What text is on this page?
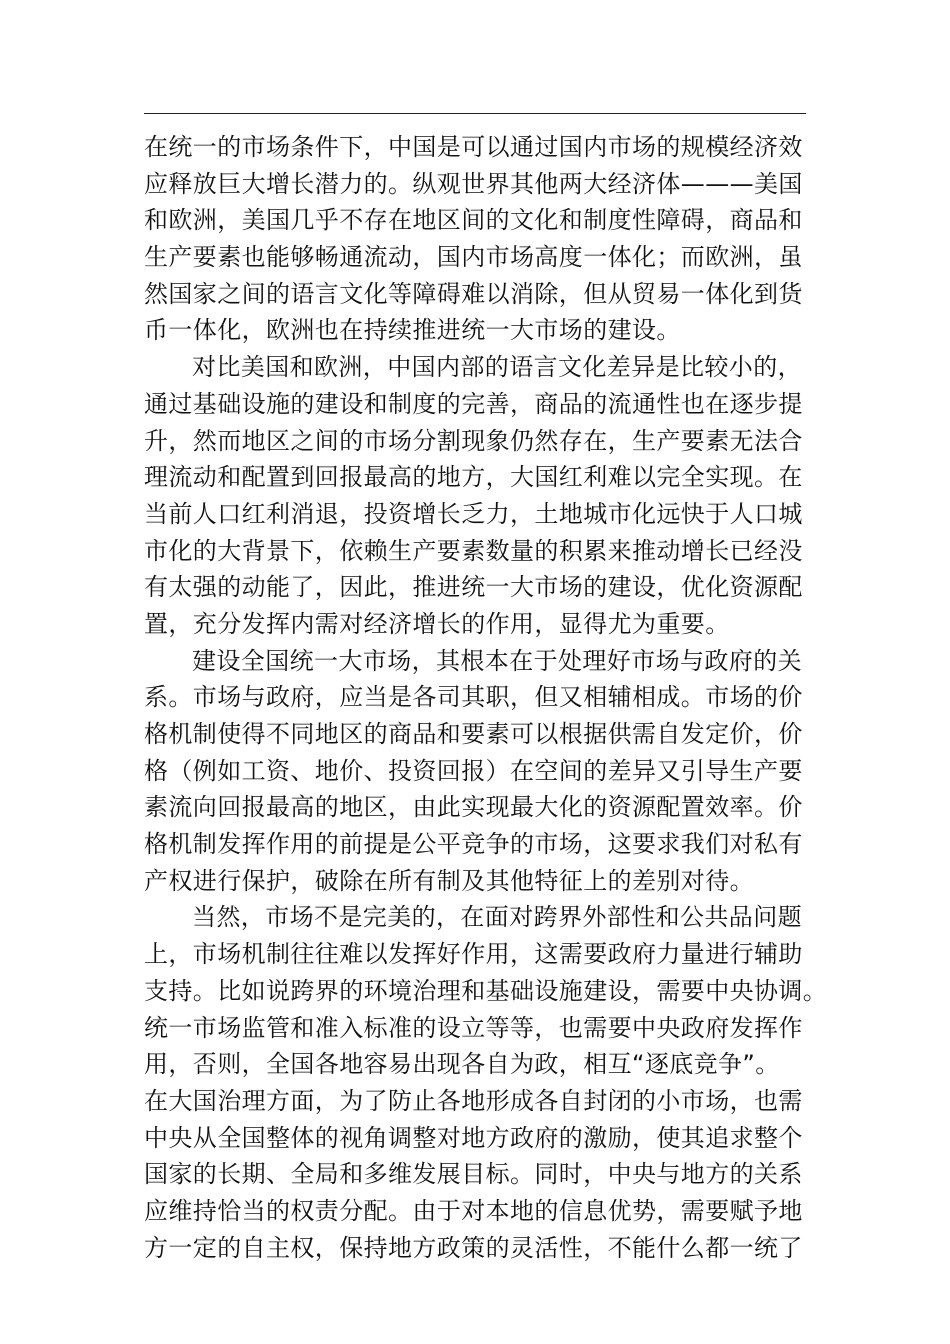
在统一的市场条件下，中国是可以通过国内市场的规模经济效
应释放巨大增长潜力的。纵观世界其他两大经济体———美国
和欧洲，美国几乎不存在地区间的文化和制度性障碍，商品和
生产要素也能够畅通流动，国内市场高度一体化；而欧洲，虽
然国家之间的语言文化等障碍难以消除，但从贸易一体化到货
币一体化，欧洲也在持续推进统一大市场的建设。
对比美国和欧洲，中国内部的语言文化差异是比较小的，
通过基础设施的建设和制度的完善，商品的流通性也在逐步提
升，然而地区之间的市场分割现象仍然存在，生产要素无法合
理流动和配置到回报最高的地方，大国红利难以完全实现。在
当前人口红利消退，投资增长乏力，土地城市化远快于人口城
市化的大背景下，依赖生产要素数量的积累来推动增长已经没
有太强的动能了，因此，推进统一大市场的建设，优化资源配
置，充分发挥内需对经济增长的作用，显得尤为重要。
建设全国统一大市场，其根本在于处理好市场与政府的关
系。市场与政府，应当是各司其职，但又相辅相成。市场的价
格机制使得不同地区的商品和要素可以根据供需自发定价，价
格（例如工资、地价、投资回报）在空间的差异又引导生产要
素流向回报最高的地区，由此实现最大化的资源配置效率。价
格机制发挥作用的前提是公平竞争的市场，这要求我们对私有
产权进行保护，破除在所有制及其他特征上的差别对待。
当然，市场不是完美的，在面对跨界外部性和公共品问题
上，市场机制往往难以发挥好作用，这需要政府力量进行辅助
支持。比如说跨界的环境治理和基础设施建设，需要中央协调。
统一市场监管和准入标准的设立等等，也需要中央政府发挥作
用，否则，全国各地容易出现各自为政，相互“逐底竞争”。
在大国治理方面，为了防止各地形成各自封闭的小市场，也需
中央从全国整体的视角调整对地方政府的激励，使其追求整个
国家的长期、全局和多维发展目标。同时，中央与地方的关系
应维持恰当的权责分配。由于对本地的信息优势，需要赋予地
方一定的自主权，保持地方政策的灵活性，不能什么都一统了
